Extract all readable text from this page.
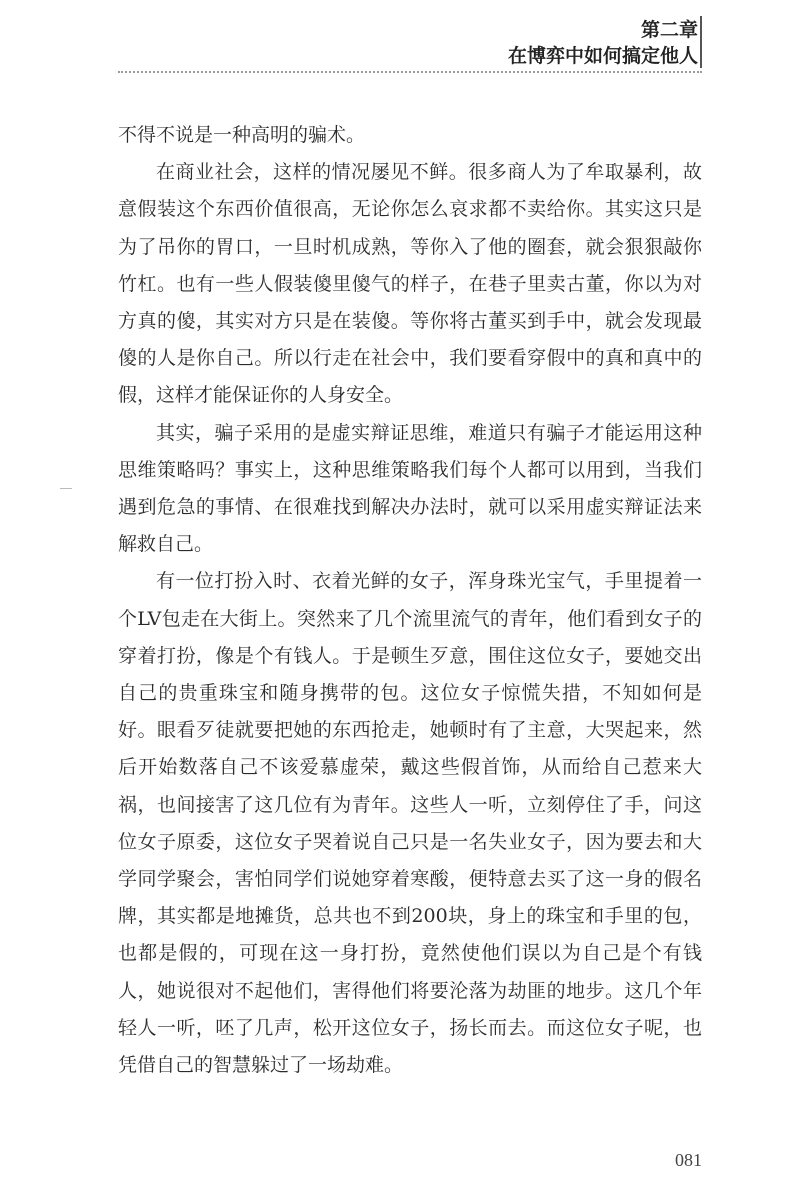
第二章
在博弈中如何搞定他人

不得不说是一种高明的骗术。

在商业社会，这样的情况屡见不鲜。很多商人为了牟取暴利，故意假装这个东西价值很高，无论你怎么哀求都不卖给你。其实这只是为了吊你的胃口，一旦时机成熟，等你入了他的圈套，就会狠狠敲你竹杠。也有一些人假装傻里傻气的样子，在巷子里卖古董，你以为对方真的傻，其实对方只是在装傻。等你将古董买到手中，就会发现最傻的人是你自己。所以行走在社会中，我们要看穿假中的真和真中的假，这样才能保证你的人身安全。

其实，骗子采用的是虚实辩证思维，难道只有骗子才能运用这种思维策略吗？事实上，这种思维策略我们每个人都可以用到，当我们遇到危急的事情、在很难找到解决办法时，就可以采用虚实辩证法来解救自己。

有一位打扮入时、衣着光鲜的女子，浑身珠光宝气，手里提着一个LV包走在大街上。突然来了几个流里流气的青年，他们看到女子的穿着打扮，像是个有钱人。于是顿生歹意，围住这位女子，要她交出自己的贵重珠宝和随身携带的包。这位女子惊慌失措，不知如何是好。眼看歹徒就要把她的东西抢走，她顿时有了主意，大哭起来，然后开始数落自己不该爱慕虚荣，戴这些假首饰，从而给自己惹来大祸，也间接害了这几位有为青年。这些人一听，立刻停住了手，问这位女子原委，这位女子哭着说自己只是一名失业女子，因为要去和大学同学聚会，害怕同学们说她穿着寒酸，便特意去买了这一身的假名牌，其实都是地摊货，总共也不到200块，身上的珠宝和手里的包，也都是假的，可现在这一身打扮，竟然使他们误以为自己是个有钱人，她说很对不起他们，害得他们将要沦落为劫匪的地步。这几个年轻人一听，呸了几声，松开这位女子，扬长而去。而这位女子呢，也凭借自己的智慧躲过了一场劫难。

081
